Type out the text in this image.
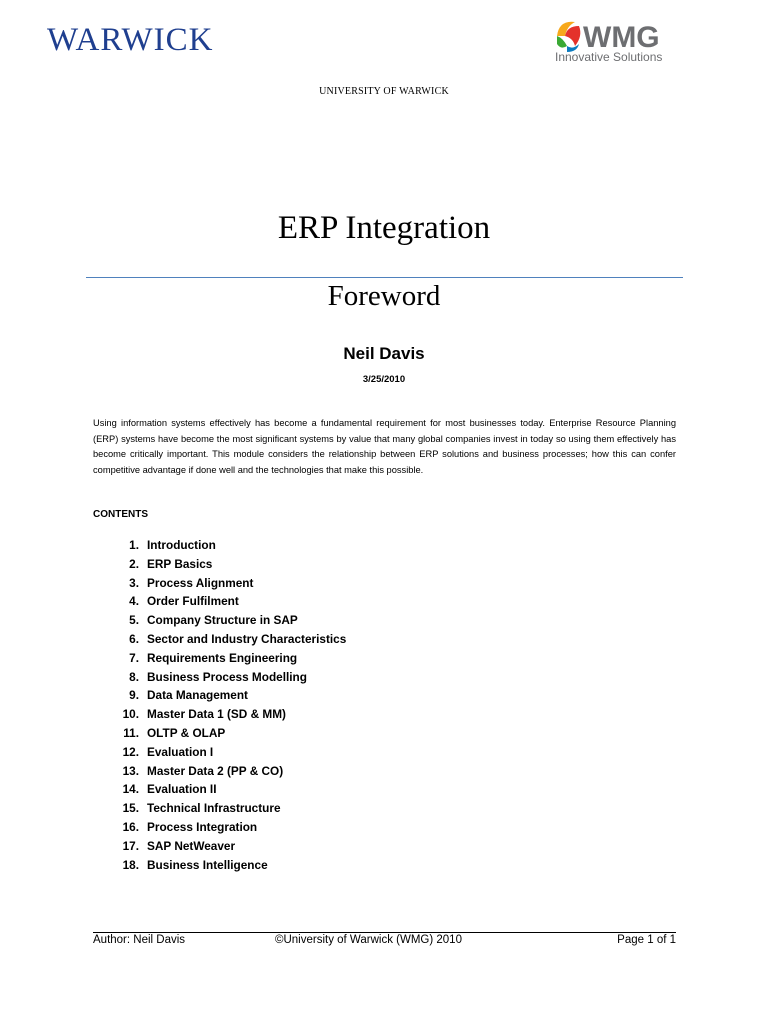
WARWICK	WMG
Innovative Solutions
UNIVERSITY OF WARWICK
ERP Integration
Foreword
Neil Davis
3/25/2010
Using information systems effectively has become a fundamental requirement for most businesses today. Enterprise Resource Planning (ERP) systems have become the most significant systems by value that many global companies invest in today so using them effectively has become critically important. This module considers the relationship between ERP solutions and business processes; how this can confer competitive advantage if done well and the technologies that make this possible.
CONTENTS
1. Introduction
2. ERP Basics
3. Process Alignment
4. Order Fulfilment
5. Company Structure in SAP
6. Sector and Industry Characteristics
7. Requirements Engineering
8. Business Process Modelling
9. Data Management
10. Master Data 1 (SD & MM)
11. OLTP & OLAP
12. Evaluation I
13. Master Data 2 (PP & CO)
14. Evaluation II
15. Technical Infrastructure
16. Process Integration
17. SAP NetWeaver
18. Business Intelligence
Author: Neil Davis	©University of Warwick (WMG) 2010	Page 1 of 1
